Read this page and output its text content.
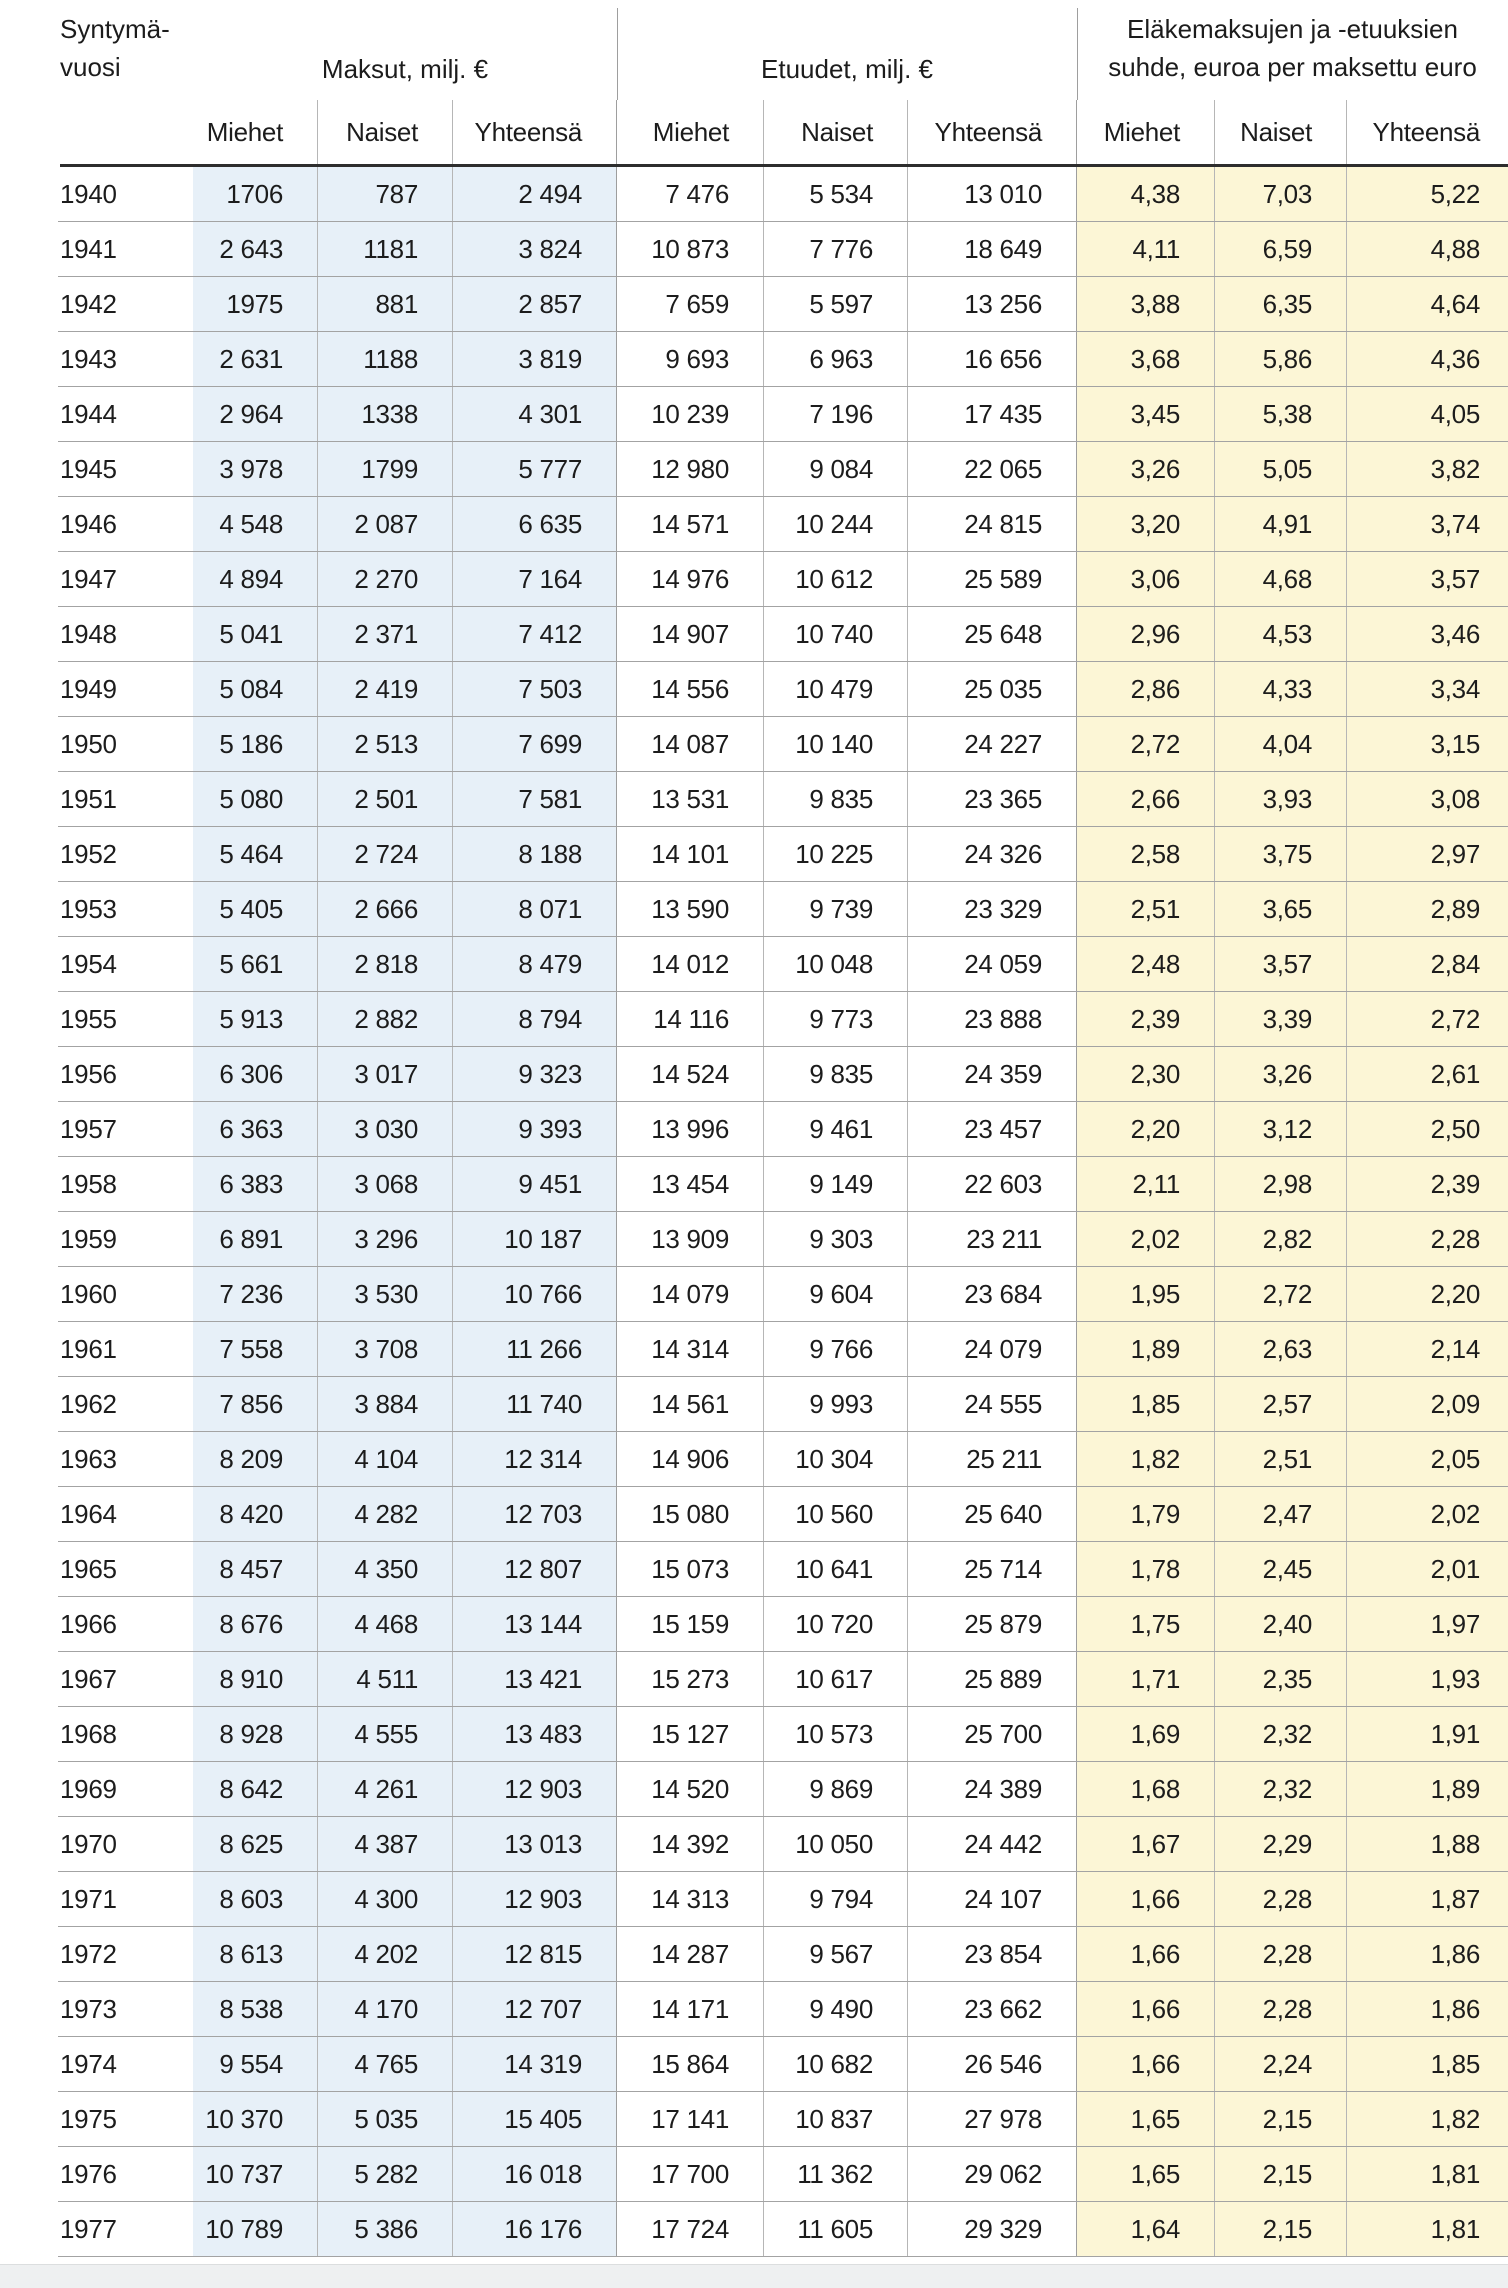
Syntymä-
vuosi	Maksut, milj. €	Etuudet, milj. €
Eläkemaksujen ja -etuuksien
suhde, euroa per maksettu euro
Miehet	Naiset	Yhteensä	Miehet	Naiset	Yhteensä	Miehet	Naiset	Yhteensä
1940	1706	787	2 494	7 476	5 534	13 010	4,38	7,03	5,22
1941	2 643	1181	3 824	10 873	7 776	18 649	4,11	6,59	4,88
1942	1975	881	2 857	7 659	5 597	13 256	3,88	6,35	4,64
1943	2 631	1188	3 819	9 693	6 963	16 656	3,68	5,86	4,36
1944	2 964	1338	4 301	10 239	7 196	17 435	3,45	5,38	4,05
1945	3 978	1799	5 777	12 980	9 084	22 065	3,26	5,05	3,82
1946	4 548	2 087	6 635	14 571	10 244	24 815	3,20	4,91	3,74
1947	4 894	2 270	7 164	14 976	10 612	25 589	3,06	4,68	3,57
1948	5 041	2 371	7 412	14 907	10 740	25 648	2,96	4,53	3,46
1949	5 084	2 419	7 503	14 556	10 479	25 035	2,86	4,33	3,34
1950	5 186	2 513	7 699	14 087	10 140	24 227	2,72	4,04	3,15
1951	5 080	2 501	7 581	13 531	9 835	23 365	2,66	3,93	3,08
1952	5 464	2 724	8 188	14 101	10 225	24 326	2,58	3,75	2,97
1953	5 405	2 666	8 071	13 590	9 739	23 329	2,51	3,65	2,89
1954	5 661	2 818	8 479	14 012	10 048	24 059	2,48	3,57	2,84
1955	5 913	2 882	8 794	14 116	9 773	23 888	2,39	3,39	2,72
1956	6 306	3 017	9 323	14 524	9 835	24 359	2,30	3,26	2,61
1957	6 363	3 030	9 393	13 996	9 461	23 457	2,20	3,12	2,50
1958	6 383	3 068	9 451	13 454	9 149	22 603	2,11	2,98	2,39
1959	6 891	3 296	10 187	13 909	9 303	23 211	2,02	2,82	2,28
1960	7 236	3 530	10 766	14 079	9 604	23 684	1,95	2,72	2,20
1961	7 558	3 708	11 266	14 314	9 766	24 079	1,89	2,63	2,14
1962	7 856	3 884	11 740	14 561	9 993	24 555	1,85	2,57	2,09
1963	8 209	4 104	12 314	14 906	10 304	25 211	1,82	2,51	2,05
1964	8 420	4 282	12 703	15 080	10 560	25 640	1,79	2,47	2,02
1965	8 457	4 350	12 807	15 073	10 641	25 714	1,78	2,45	2,01
1966	8 676	4 468	13 144	15 159	10 720	25 879	1,75	2,40	1,97
1967	8 910	4 511	13 421	15 273	10 617	25 889	1,71	2,35	1,93
1968	8 928	4 555	13 483	15 127	10 573	25 700	1,69	2,32	1,91
1969	8 642	4 261	12 903	14 520	9 869	24 389	1,68	2,32	1,89
1970	8 625	4 387	13 013	14 392	10 050	24 442	1,67	2,29	1,88
1971	8 603	4 300	12 903	14 313	9 794	24 107	1,66	2,28	1,87
1972	8 613	4 202	12 815	14 287	9 567	23 854	1,66	2,28	1,86
1973	8 538	4 170	12 707	14 171	9 490	23 662	1,66	2,28	1,86
1974	9 554	4 765	14 319	15 864	10 682	26 546	1,66	2,24	1,85
1975	10 370	5 035	15 405	17 141	10 837	27 978	1,65	2,15	1,82
1976	10 737	5 282	16 018	17 700	11 362	29 062	1,65	2,15	1,81
1977	10 789	5 386	16 176	17 724	11 605	29 329	1,64	2,15	1,81
